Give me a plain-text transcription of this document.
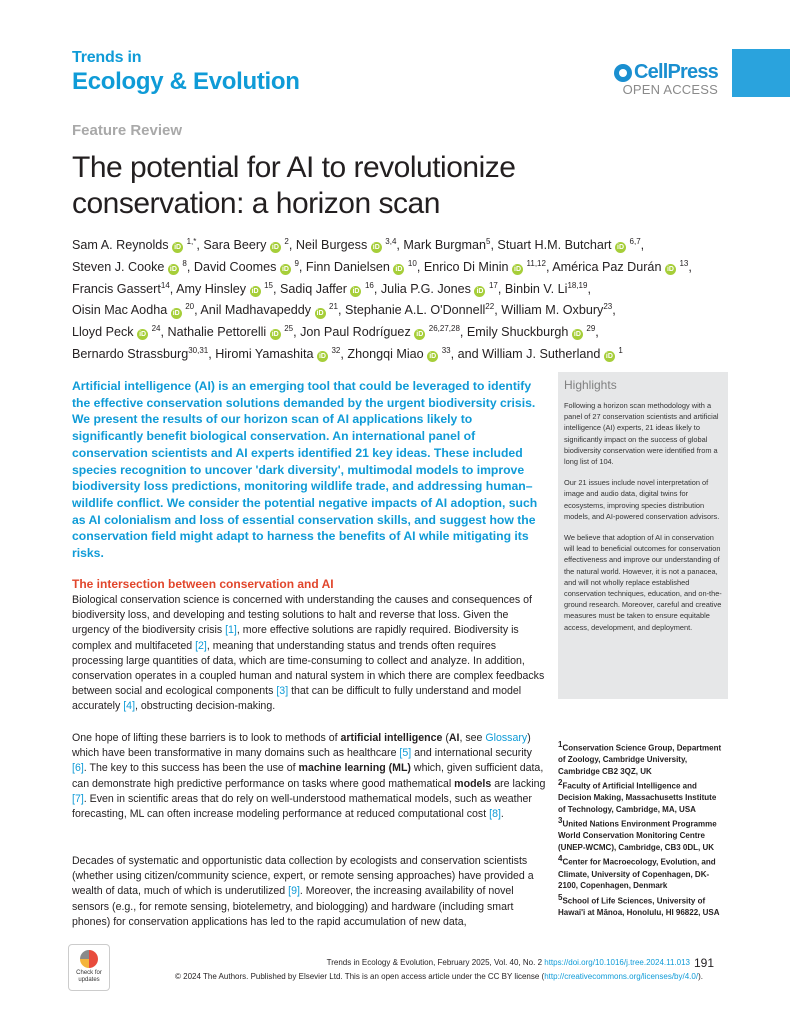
Trends in
Ecology & Evolution	CellPress
OPEN ACCESS
Feature Review
The potential for AI to revolutionize
conservation: a horizon scan
Sam A. Reynolds iD $^{1,*}$, Sara Beery iD $^2$, Neil Burgess iD $^{3,4}$, Mark Burgman$^5$, Stuart H.M. Butchart iD $^{6,7}$,
Steven J. Cooke iD $^8$, David Coomes iD $^9$, Finn Danielsen iD $^{10}$, Enrico Di Minin iD $^{11,12}$, América Paz Durán iD $^{13}$,
Francis Gassert$^{14}$, Amy Hinsley iD $^{15}$, Sadiq Jaffer iD $^{16}$, Julia P.G. Jones iD $^{17}$, Binbin V. Li$^{18,19}$,
Oisin Mac Aodha iD $^{20}$, Anil Madhavapeddy iD $^{21}$, Stephanie A.L. O'Donnell$^{22}$, William M. Oxbury$^{23}$,
Lloyd Peck iD $^{24}$, Nathalie Pettorelli iD $^{25}$, Jon Paul Rodríguez iD $^{26,27,28}$, Emily Shuckburgh iD $^{29}$,
Bernardo Strassburg$^{30,31}$, Hiromi Yamashita iD $^{32}$, Zhongqi Miao iD $^{33}$, and William J. Sutherland iD $^1$
Artificial intelligence (AI) is an emerging tool that could be leveraged to identify the effective conservation solutions demanded by the urgent biodiversity crisis. We present the results of our horizon scan of AI applications likely to significantly benefit biological conservation. An international panel of conservation scientists and AI experts identified 21 key ideas. These included species recognition to uncover 'dark diversity', multimodal models to improve biodiversity loss predictions, monitoring wildlife trade, and addressing human–wildlife conflict. We consider the potential negative impacts of AI adoption, such as AI colonialism and loss of essential conservation skills, and suggest how the conservation field might adapt to harness the benefits of AI while mitigating its risks.
Highlights

Following a horizon scan methodology with a panel of 27 conservation scientists and artificial intelligence (AI) experts, 21 ideas likely to significantly impact on the success of global biodiversity conservation were identified from a long list of 104.

Our 21 issues include novel interpretation of image and audio data, digital twins for ecosystems, improving species distribution models, and AI-powered conservation advisors.

We believe that adoption of AI in conservation will lead to beneficial outcomes for conservation effectiveness and improve our understanding of the natural world. However, it is not a panacea, and will not wholly replace established conservation techniques, education, and on-the-ground research. Moreover, careful and creative measures must be taken to ensure equitable access, development, and deployment.

The intersection between conservation and AI
Biological conservation science is concerned with understanding the causes and consequences of biodiversity loss, and developing and testing solutions to halt and reverse that loss. Given the urgency of the biodiversity crisis [1], more effective solutions are rapidly required. Biodiversity is complex and multifaceted [2], meaning that understanding status and trends often requires processing large quantities of data, which are time-consuming to collect and analyze. In addition, conservation operates in a coupled human and natural system in which there are complex feedbacks between social and ecological components [3] that can be difficult to fully understand and model accurately [4], obstructing decision-making.
One hope of lifting these barriers is to look to methods of artificial intelligence (AI, see Glossary) which have been transformative in many domains such as healthcare [5] and international security [6]. The key to this success has been the use of machine learning (ML) which, given sufficient data, can demonstrate high predictive performance on tasks where good mathematical models are lacking [7]. Even in scientific areas that do rely on well-understood mathematical models, such as weather forecasting, ML can often increase modeling performance at reduced computational cost [8].
Decades of systematic and opportunistic data collection by ecologists and conservation scientists (whether using citizen/community science, expert, or remote sensing approaches) have provided a wealth of data, much of which is underutilized [9]. Moreover, the increasing availability of novel sensors (e.g., for remote sensing, biotelemetry, and biologging) and hardware (including smart phones) for conservation applications has led to the rapid accumulation of new data,

$^1$Conservation Science Group, Department of Zoology, Cambridge University, Cambridge CB2 3QZ, UK

$^2$Faculty of Artificial Intelligence and Decision Making, Massachusetts Institute of Technology, Cambridge, MA, USA

$^3$United Nations Environment Programme World Conservation Monitoring Centre (UNEP-WCMC), Cambridge, CB3 0DL, UK

$^4$Center for Macroecology, Evolution, and Climate, University of Copenhagen, DK-2100, Copenhagen, Denmark

$^5$School of Life Sciences, University of Hawai'i at Mānoa, Honolulu, HI 96822, USA

Check for
updates
Trends in Ecology & Evolution, February 2025, Vol. 40, No. 2 https://doi.org/10.1016/j.tree.2024.11.013 191
© 2024 The Authors. Published by Elsevier Ltd. This is an open access article under the CC BY license (http://creativecommons.org/licenses/by/4.0/).
